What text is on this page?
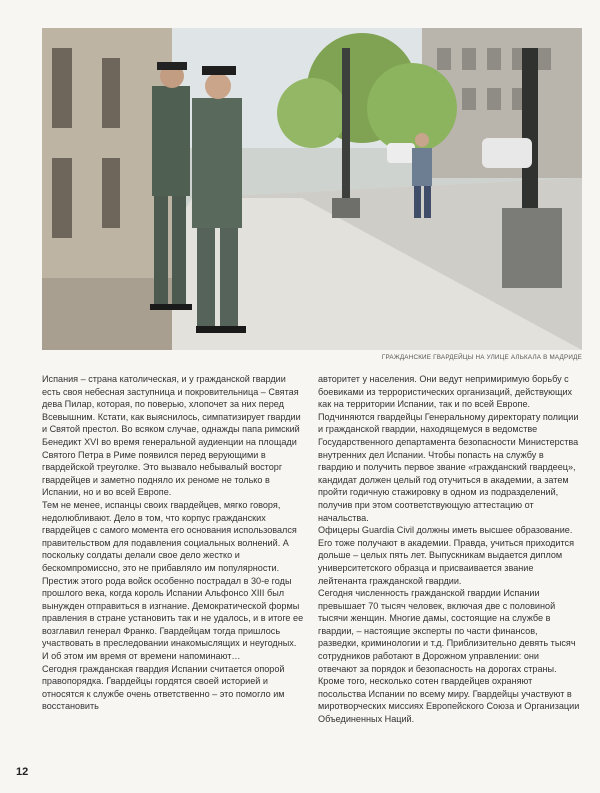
ГРАЖДАНСКИЕ ГВАРДЕЙЦЫ НА УЛИЦЕ АЛЬКАЛА В МАДРИДЕ

Испания – страна католическая, и у гражданской гвардии есть своя небесная заступница и покровительница – Святая дева Пилар, которая, по поверью, хлопочет за них перед Всевышним. Кстати, как выяснилось, симпатизирует гвардии и Святой престол. Во всяком случае, однажды папа римский Бенедикт XVI во время генеральной аудиенции на площади Святого Петра в Риме появился перед верующими в гвардейской треуголке. Это вызвало небывалый восторг гвардейцев и заметно подняло их реноме не только в Испании, но и во всей Европе.

Тем не менее, испанцы своих гвардейцев, мягко говоря, недолюбливают. Дело в том, что корпус гражданских гвардейцев с самого момента его основания использовался правительством для подавления социальных волнений. А поскольку солдаты делали свое дело жестко и бескомпромиссно, это не прибавляло им популярности.

Престиж этого рода войск особенно пострадал в 30-е годы прошлого века, когда король Испании Альфонсо XIII был вынужден отправиться в изгнание. Демократической формы правления в стране установить так и не удалось, и в итоге ее возглавил генерал Франко. Гвардейцам тогда пришлось участвовать в преследовании инакомыслящих и неугодных. И об этом им время от времени напоминают…

Сегодня гражданская гвардия Испании считается опорой правопорядка. Гвардейцы гордятся своей историей и относятся к службе очень ответственно – это помогло им восстановить

авторитет у населения. Они ведут непримиримую борьбу с боевиками из террористических организаций, действующих как на территории Испании, так и по всей Европе. Подчиняются гвардейцы Генеральному директорату полиции и гражданской гвардии, находящемуся в ведомстве Государственного департамента безопасности Министерства внутренних дел Испании. Чтобы попасть на службу в гвардию и получить первое звание «гражданский гвардеец», кандидат должен целый год отучиться в академии, а затем пройти годичную стажировку в одном из подразделений, получив при этом соответствующую аттестацию от начальства.

Офицеры Guardia Civil должны иметь высшее образование. Его тоже получают в академии. Правда, учиться приходится дольше – целых пять лет. Выпускникам выдается диплом университетского образца и присваивается звание лейтенанта гражданской гвардии.

Сегодня численность гражданской гвардии Испании превышает 70 тысяч человек, включая две с половиной тысячи женщин. Многие дамы, состоящие на службе в гвардии, – настоящие эксперты по части финансов, разведки, криминологии и т.д. Приблизительно девять тысяч сотрудников работают в Дорожном управлении: они отвечают за порядок и безопасность на дорогах страны. Кроме того, несколько сотен гвардейцев охраняют посольства Испании по всему миру. Гвардейцы участвуют в миротворческих миссиях Европейского Союза и Организации Объединенных Наций.

12
